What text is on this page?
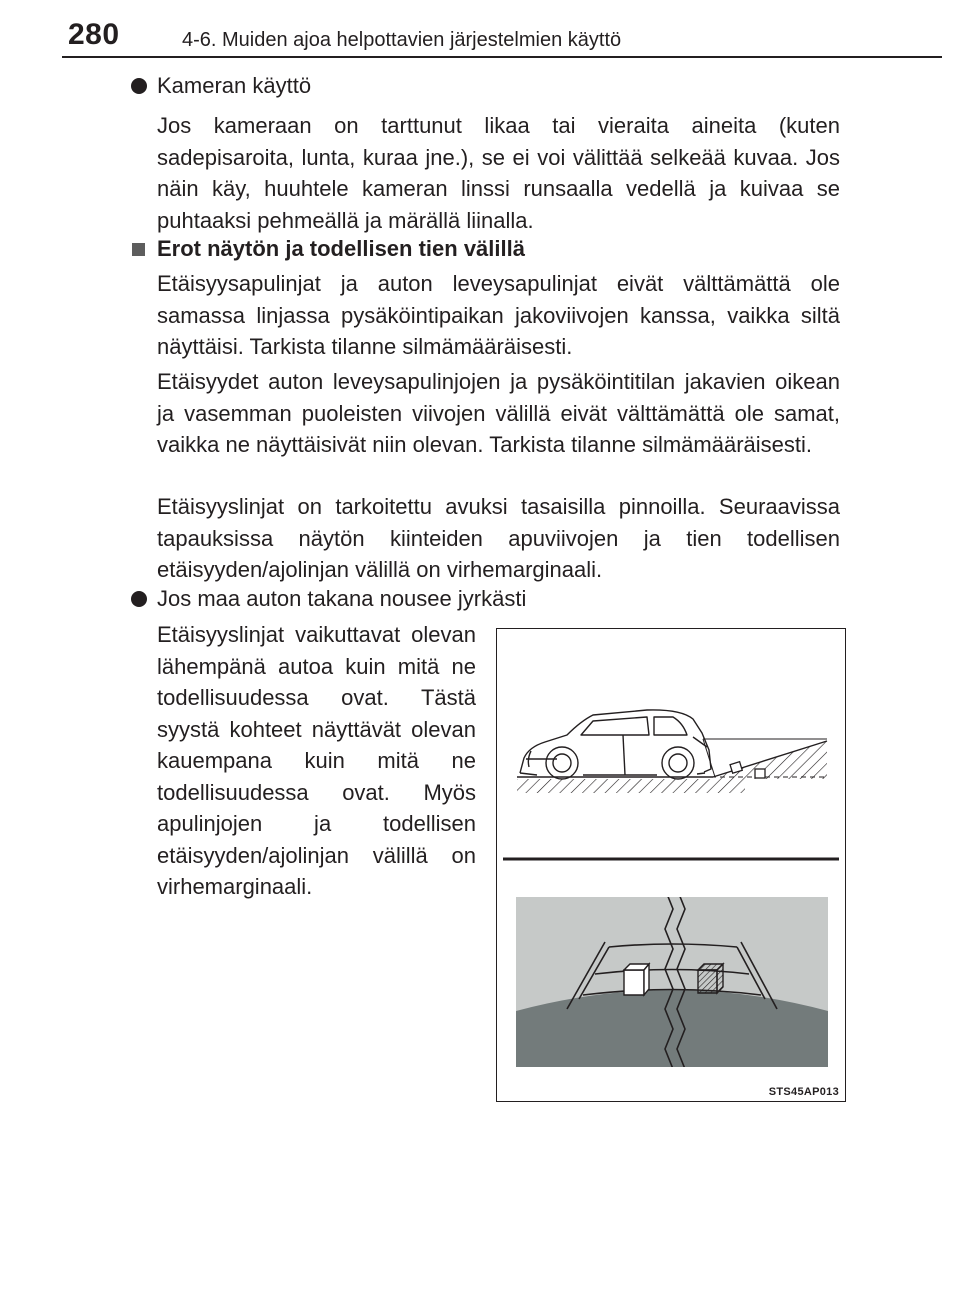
280	4-6. Muiden ajoa helpottavien järjestelmien käyttö
Kameran käyttö

Jos kameraan on tarttunut likaa tai vieraita aineita (kuten sadepisaroita, lunta, kuraa jne.), se ei voi välittää selkeää kuvaa. Jos näin käy, huuhtele kameran linssi runsaalla vedellä ja kuivaa se puhtaaksi pehmeällä ja märällä liinalla.

Erot näytön ja todellisen tien välillä

Etäisyysapulinjat ja auton leveysapulinjat eivät välttämättä ole samassa linjassa pysäköintipaikan jakoviivojen kanssa, vaikka siltä näyttäisi. Tarkista tilanne silmämääräisesti.

Etäisyydet auton leveysapulinjojen ja pysäköintitilan jakavien oikean ja vasemman puoleisten viivojen välillä eivät välttämättä ole samat, vaikka ne näyttäisivät niin olevan. Tarkista tilanne silmämääräisesti.

Etäisyyslinjat on tarkoitettu avuksi tasaisilla pinnoilla. Seuraavissa tapauksissa näytön kiinteiden apuviivojen ja tien todellisen etäisyyden/ajolinjan välillä on virhemarginaali.

Jos maa auton takana nousee jyrkästi

Etäisyyslinjat vaikuttavat olevan lähempänä autoa kuin mitä ne todellisuudessa ovat. Tästä syystä kohteet näyttävät olevan kauempana kuin mitä ne todellisuudessa ovat. Myös apulinjojen ja todellisen etäisyyden/ajolinjan välillä on virhemarginaali.

STS45AP013
